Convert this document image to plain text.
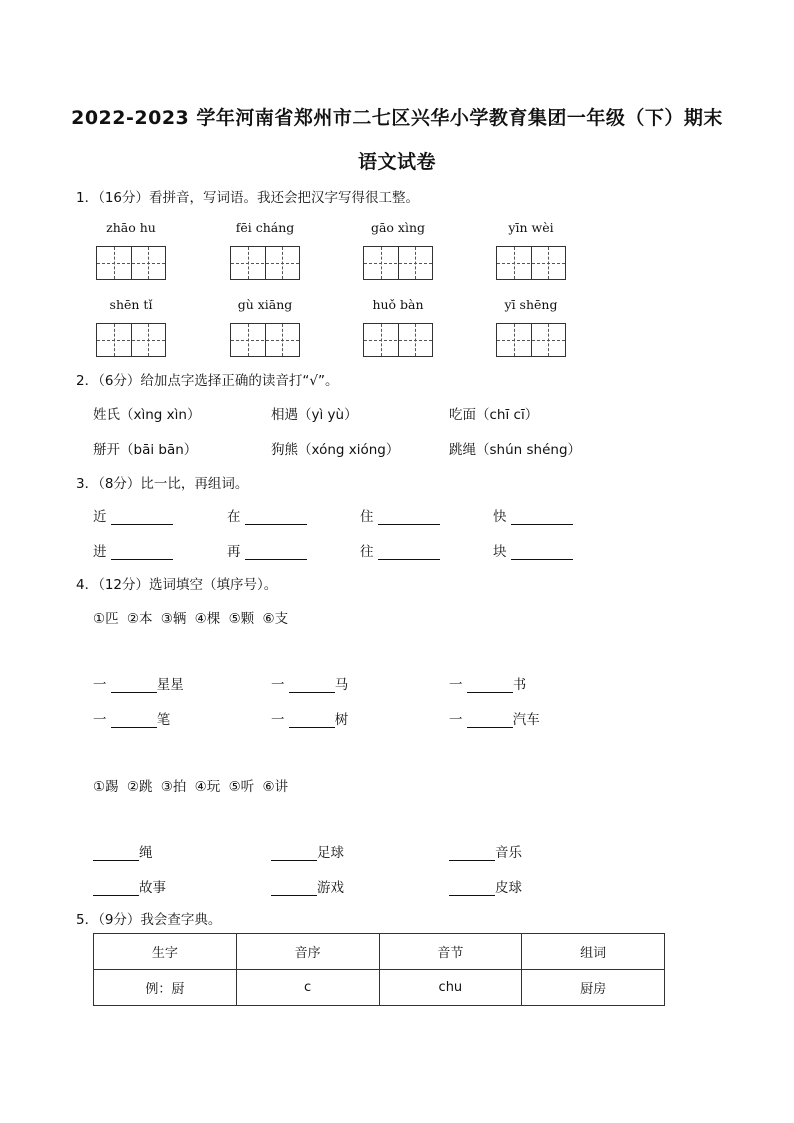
2022-2023 学年河南省郑州市二七区兴华小学教育集团一年级（下）期末
语文试卷
1．（16分）看拼音，写词语。我还会把汉字写得很工整。
zhāo hu	fēi cháng	gāo xìng	yīn wèi
shēn tǐ	gù xiāng	huǒ bàn	yī shēng
2．（6分）给加点字选择正确的读音打“√”。
姓氏（xìng xìn）	相遇（yì yù）	吃面（chī cī）
掰开（bāi bān）	狗熊（xóng xióng）	跳绳（shún shéng）
3．（8分）比一比，再组词。
近	在	住	快
进	再	往	块
4．（12分）选词填空（填序号）。
①匹 ②本 ③辆 ④棵 ⑤颗 ⑥支
一	星星	一	马	一	书
一	笔	一	树	一	汽车
①踢 ②跳 ③拍 ④玩 ⑤听 ⑥讲
绳	足球	音乐
故事	游戏	皮球
5．（9分）我会查字典。
生字	音序	音节	组词
例：厨	c	chu	厨房
